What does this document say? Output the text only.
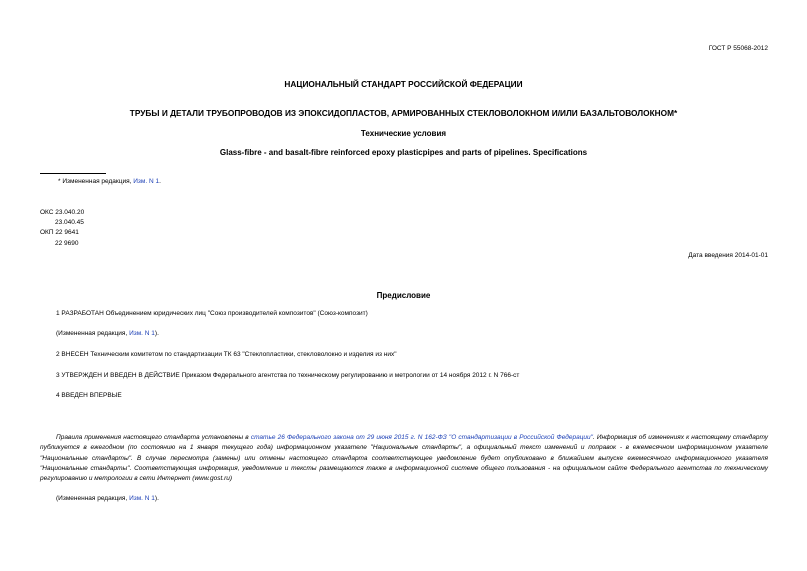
ГОСТ Р 55068-2012
НАЦИОНАЛЬНЫЙ СТАНДАРТ РОССИЙСКОЙ ФЕДЕРАЦИИ
ТРУБЫ И ДЕТАЛИ ТРУБОПРОВОДОВ ИЗ ЭПОКСИДОПЛАСТОВ, АРМИРОВАННЫХ СТЕКЛОВОЛОКНОМ И/ИЛИ БАЗАЛЬТОВОЛОКНОМ*
Технические условия
Glass-fibre - and basalt-fibre reinforced epoxy plasticpipes and parts of pipelines. Specifications
* Измененная редакция, Изм. N 1.
ОКС 23.040.20
23.040.45
ОКП 22 9641
22 9690
Дата введения 2014-01-01
Предисловие
1 РАЗРАБОТАН Объединением юридических лиц "Союз производителей композитов" (Союз-композит)
(Измененная редакция, Изм. N 1).
2 ВНЕСЕН Техническим комитетом по стандартизации ТК 63 "Стеклопластики, стекловолокно и изделия из них"
3 УТВЕРЖДЕН И ВВЕДЕН В ДЕЙСТВИЕ Приказом Федерального агентства по техническому регулированию и метрологии от 14 ноября 2012 г. N 766-ст
4 ВВЕДЕН ВПЕРВЫЕ
Правила применения настоящего стандарта установлены в статье 26 Федерального закона от 29 июня 2015 г. N 162-ФЗ "О стандартизации в Российской Федерации". Информация об изменениях к настоящему стандарту публикуется в ежегодном (по состоянию на 1 января текущего года) информационном указателе "Национальные стандарты", а официальный текст изменений и поправок - в ежемесячном информационном указателе "Национальные стандарты". В случае пересмотра (замены) или отмены настоящего стандарта соответствующее уведомление будет опубликовано в ближайшем выпуске ежемесячного информационного указателя "Национальные стандарты". Соответствующая информация, уведомление и тексты размещаются также в информационной системе общего пользования - на официальном сайте Федерального агентства по техническому регулированию и метрологии в сети Интернет (www.gost.ru)
(Измененная редакция, Изм. N 1).
